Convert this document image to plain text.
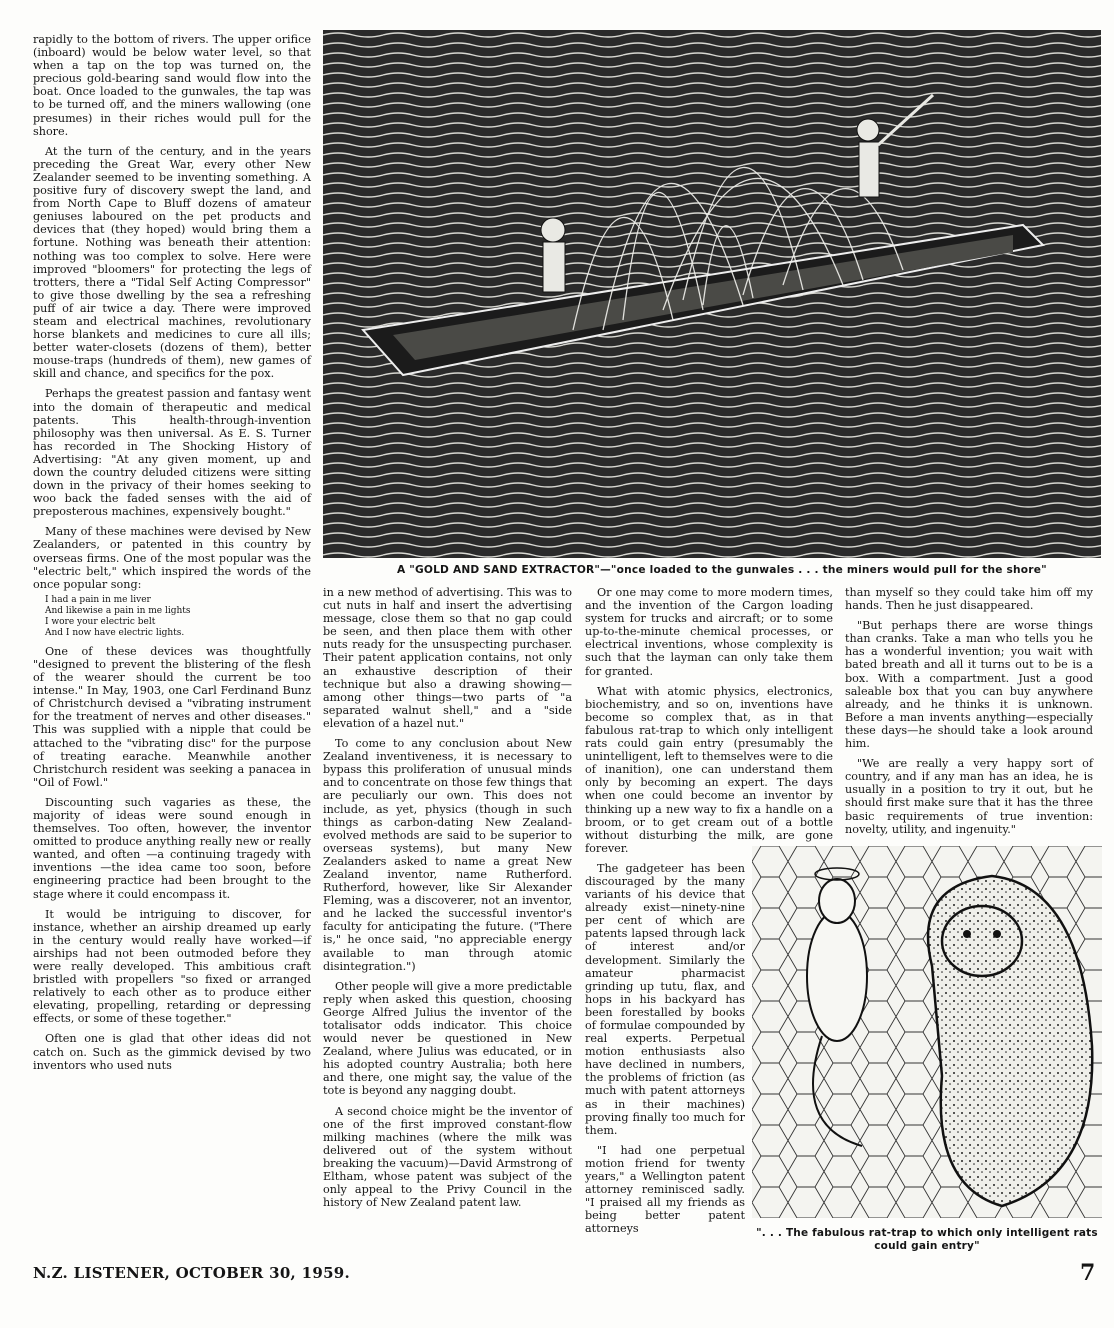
rapidly to the bottom of rivers. The upper orifice (inboard) would be below water level, so that when a tap on the top was turned on, the precious gold-bearing sand would flow into the boat. Once loaded to the gunwales, the tap was to be turned off, and the miners wallowing (one presumes) in their riches would pull for the shore.

At the turn of the century, and in the years preceding the Great War, every other New Zealander seemed to be inventing something. A positive fury of discovery swept the land, and from North Cape to Bluff dozens of amateur geniuses laboured on the pet products and devices that (they hoped) would bring them a fortune. Nothing was beneath their attention: nothing was too complex to solve. Here were improved "bloomers" for protecting the legs of trotters, there a "Tidal Self Acting Compressor" to give those dwelling by the sea a refreshing puff of air twice a day. There were improved steam and electrical machines, revolutionary horse blankets and medicines to cure all ills; better water-closets (dozens of them), better mouse-traps (hundreds of them), new games of skill and chance, and specifics for the pox.

Perhaps the greatest passion and fantasy went into the domain of therapeutic and medical patents. This health-through-invention philosophy was then universal. As E. S. Turner has recorded in The Shocking History of Advertising: "At any given moment, up and down the country deluded citizens were sitting down in the privacy of their homes seeking to woo back the faded senses with the aid of preposterous machines, expensively bought."

Many of these machines were devised by New Zealanders, or patented in this country by overseas firms. One of the most popular was the "electric belt," which inspired the words of the once popular song:

I had a pain in me liver
And likewise a pain in me lights
I wore your electric belt
And I now have electric lights.

One of these devices was thoughtfully "designed to prevent the blistering of the flesh of the wearer should the current be too intense." In May, 1903, one Carl Ferdinand Bunz of Christchurch devised a "vibrating instrument for the treatment of nerves and other diseases." This was supplied with a nipple that could be attached to the "vibrating disc" for the purpose of treating earache. Meanwhile another Christchurch resident was seeking a panacea in "Oil of Fowl."

Discounting such vagaries as these, the majority of ideas were sound enough in themselves. Too often, however, the inventor omitted to produce anything really new or really wanted, and often —a continuing tragedy with inventions —the idea came too soon, before engineering practice had been brought to the stage where it could encompass it.

It would be intriguing to discover, for instance, whether an airship dreamed up early in the century would really have worked—if airships had not been outmoded before they were really developed. This ambitious craft bristled with propellers "so fixed or arranged relatively to each other as to produce either elevating, propelling, retarding or depressing effects, or some of these together."

Often one is glad that other ideas did not catch on. Such as the gimmick devised by two inventors who used nuts

A "GOLD AND SAND EXTRACTOR"—"once loaded to the gunwales . . . the miners would pull for the shore"

in a new method of advertising. This was to cut nuts in half and insert the advertising message, close them so that no gap could be seen, and then place them with other nuts ready for the unsuspecting purchaser. Their patent application contains, not only an exhaustive description of their technique but also a drawing showing—among other things—two parts of "a separated walnut shell," and a "side elevation of a hazel nut."

To come to any conclusion about New Zealand inventiveness, it is necessary to bypass this proliferation of unusual minds and to concentrate on those few things that are peculiarly our own. This does not include, as yet, physics (though in such things as carbon-dating New Zealand-evolved methods are said to be superior to overseas systems), but many New Zealanders asked to name a great New Zealand inventor, name Rutherford. Rutherford, however, like Sir Alexander Fleming, was a discoverer, not an inventor, and he lacked the successful inventor's faculty for anticipating the future. ("There is," he once said, "no appreciable energy available to man through atomic disintegration.")

Other people will give a more predictable reply when asked this question, choosing George Alfred Julius the inventor of the totalisator odds indicator. This choice would never be questioned in New Zealand, where Julius was educated, or in his adopted country Australia; both here and there, one might say, the value of the tote is beyond any nagging doubt.

A second choice might be the inventor of one of the first improved constant-flow milking machines (where the milk was delivered out of the system without breaking the vacuum)—David Armstrong of Eltham, whose patent was subject of the only appeal to the Privy Council in the history of New Zealand patent law.

Or one may come to more modern times, and the invention of the Cargon loading system for trucks and aircraft; or to some up-to-the-minute chemical processes, or electrical inventions, whose complexity is such that the layman can only take them for granted.

What with atomic physics, electronics, biochemistry, and so on, inventions have become so complex that, as in that fabulous rat-trap to which only intelligent rats could gain entry (presumably the unintelligent, left to themselves were to die of inanition), one can understand them only by becoming an expert. The days when one could become an inventor by thinking up a new way to fix a handle on a broom, or to get cream out of a bottle without disturbing the milk, are gone forever.

The gadgeteer has been discouraged by the many variants of his device that already exist—ninety-nine per cent of which are patents lapsed through lack of interest and/or development. Similarly the amateur pharmacist grinding up tutu, flax, and hops in his backyard has been forestalled by books of formulae compounded by real experts. Perpetual motion enthusiasts also have declined in numbers, the problems of friction (as much with patent attorneys as in their machines) proving finally too much for them.

"I had one perpetual motion friend for twenty years," a Wellington patent attorney reminisced sadly. "I praised all my friends as being better patent attorneys

than myself so they could take him off my hands. Then he just disappeared.

"But perhaps there are worse things than cranks. Take a man who tells you he has a wonderful invention; you wait with bated breath and all it turns out to be is a box. With a compartment. Just a good saleable box that you can buy anywhere already, and he thinks it is unknown. Before a man invents anything—especially these days—he should take a look around him.

"We are really a very happy sort of country, and if any man has an idea, he is usually in a position to try it out, but he should first make sure that it has the three basic requirements of true invention: novelty, utility, and ingenuity."

". . . The fabulous rat-trap to which only intelligent rats
could gain entry"
N.Z. LISTENER, OCTOBER 30, 1959.	7
